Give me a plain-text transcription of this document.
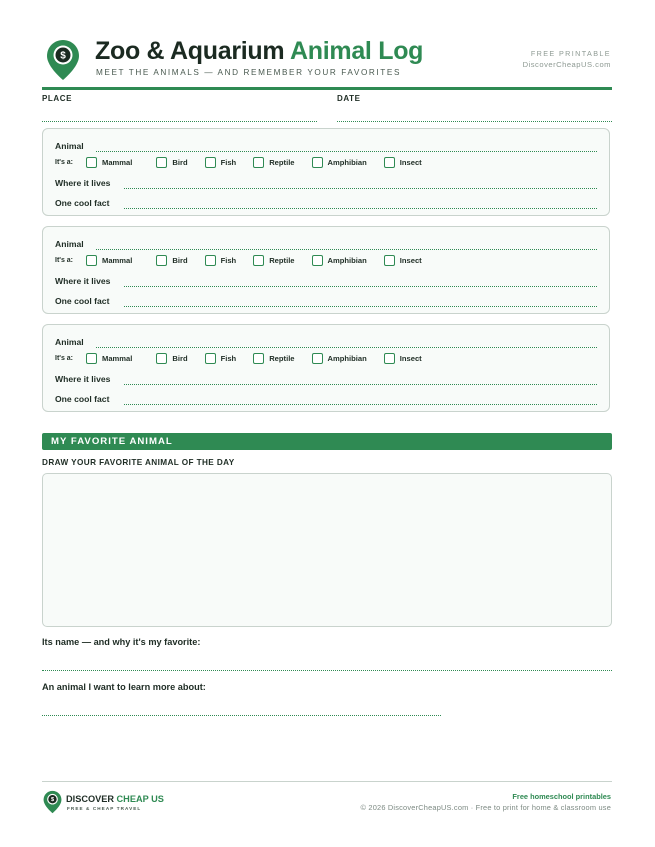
$ Zoo & Aquarium Animal Log
MEET THE ANIMALS — AND REMEMBER YOUR FAVORITES
FREE PRINTABLE
DiscoverCheapUS.com
PLACE	DATE
Animal
It's a:	Mammal	Bird	Fish	Reptile	Amphibian	Insect
Where it lives
One cool fact
Animal
It's a:	Mammal	Bird	Fish	Reptile	Amphibian	Insect
Where it lives
One cool fact
Animal
It's a:	Mammal	Bird	Fish	Reptile	Amphibian	Insect
Where it lives
One cool fact
MY FAVORITE ANIMAL
DRAW YOUR FAVORITE ANIMAL OF THE DAY
Its name — and why it's my favorite:
An animal I want to learn more about:
$ DISCOVER CHEAP US
FREE & CHEAP TRAVEL
Free homeschool printables
© 2026 DiscoverCheapUS.com · Free to print for home & classroom use
